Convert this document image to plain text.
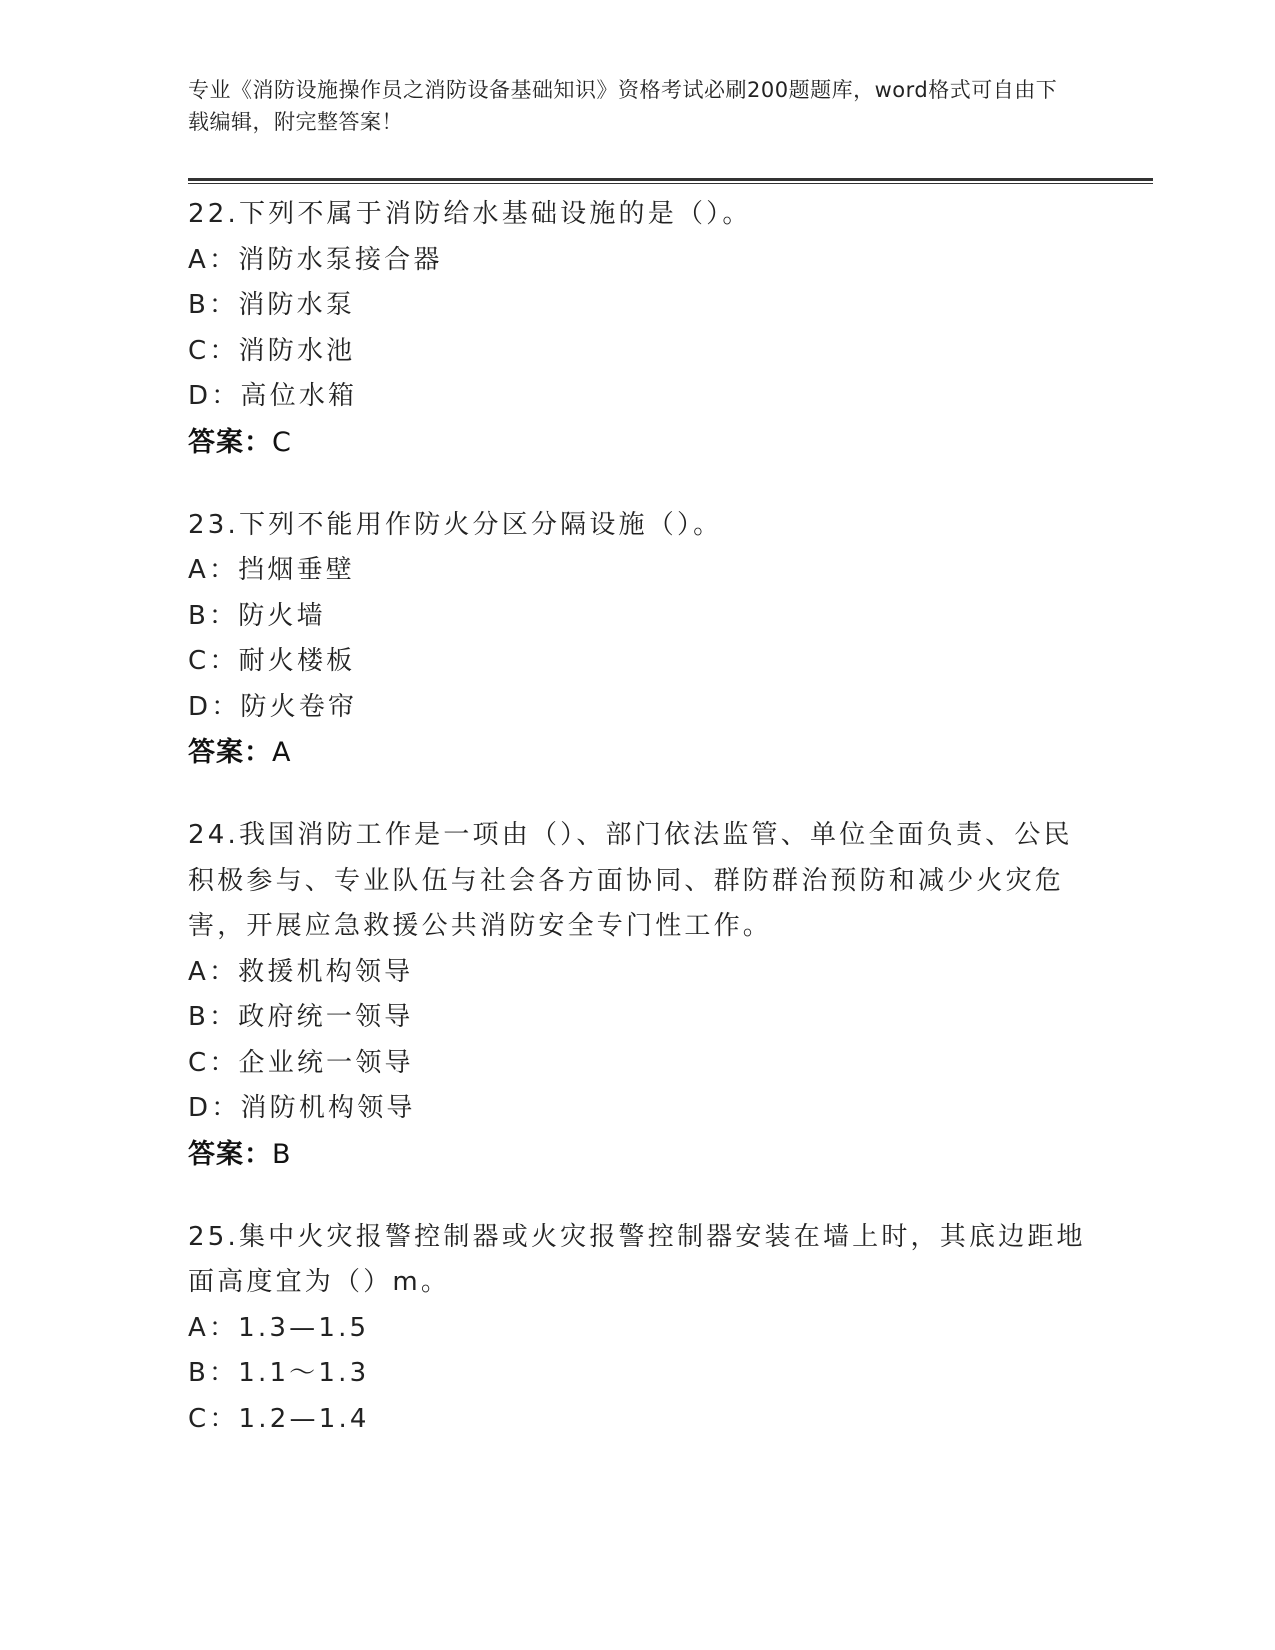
专业《消防设施操作员之消防设备基础知识》资格考试必刷200题题库，word格式可自由下载编辑，附完整答案！

22.下列不属于消防给水基础设施的是（）。

A：消防水泵接合器

B：消防水泵

C：消防水池

D：高位水箱

答案：C

23.下列不能用作防火分区分隔设施（）。

A：挡烟垂壁

B：防火墙

C：耐火楼板

D：防火卷帘

答案：A

24.我国消防工作是一项由（）、部门依法监管、单位全面负责、公民积极参与、专业队伍与社会各方面协同、群防群治预防和减少火灾危害，开展应急救援公共消防安全专门性工作。

A：救援机构领导

B：政府统一领导

C：企业统一领导

D：消防机构领导

答案：B

25.集中火灾报警控制器或火灾报警控制器安装在墙上时，其底边距地面高度宜为（）m。

A：1.3—1.5

B：1.1～1.3

C：1.2—1.4
